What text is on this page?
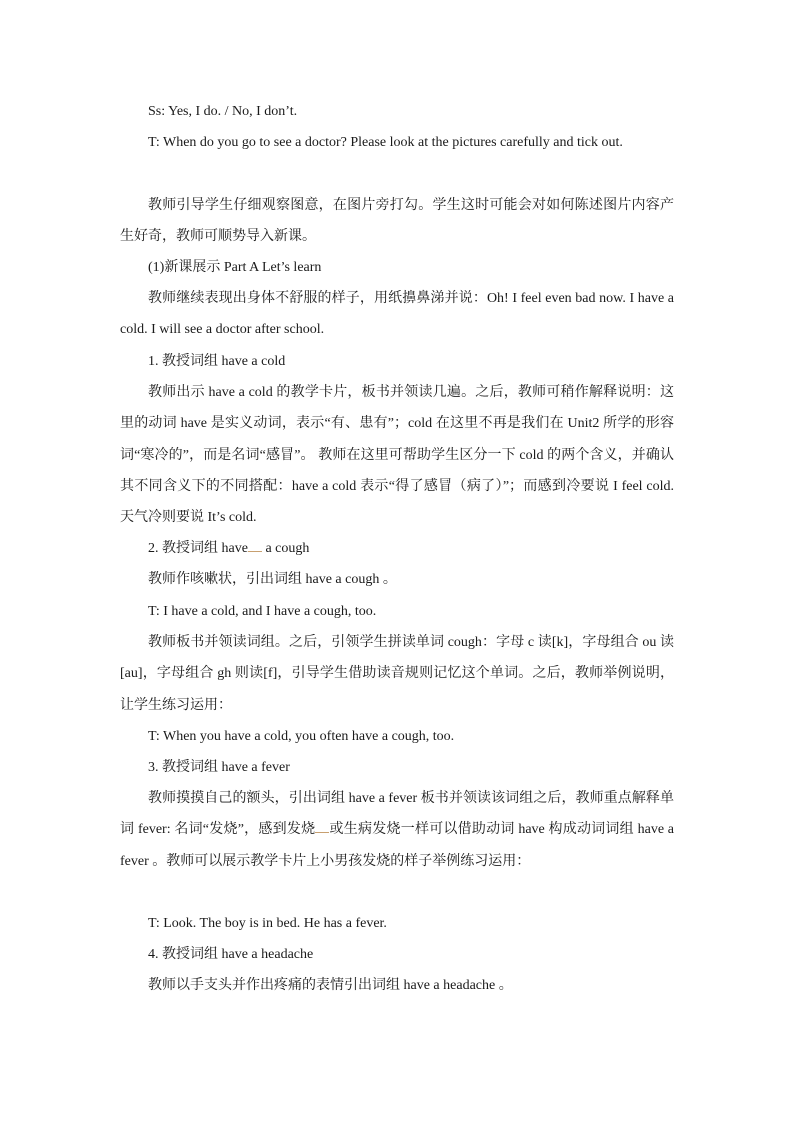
Ss: Yes, I do. / No, I don’t.

T: When do you go to see a doctor? Please look at the pictures carefully and tick out.

教师引导学生仔细观察图意，在图片旁打勾。学生这时可能会对如何陈述图片内容产生好奇，教师可顺势导入新课。

(1)新课展示 Part A Let’s learn

教师继续表现出身体不舒服的样子，用纸擤鼻涕并说：Oh! I feel even bad now. I have a cold. I will see a doctor after school.

1. 教授词组 have a cold

教师出示 have a cold 的教学卡片，板书并领读几遍。之后，教师可稍作解释说明：这里的动词 have 是实义动词，表示“有、患有”；cold 在这里不再是我们在 Unit2 所学的形容词“寒冷的”，而是名词“感冒”。 教师在这里可帮助学生区分一下 cold 的两个含义，并确认其不同含义下的不同搭配：have a cold 表示“得了感冒（病了）”；而感到冷要说 I feel cold. 天气冷则要说 It’s cold.

2. 教授词组 have a cough

教师作咳嗽状，引出词组 have a cough 。

T: I have a cold, and I have a cough, too.

教师板书并领读词组。之后，引领学生拼读单词 cough：字母 c 读[k]，字母组合 ou 读[au]，字母组合 gh 则读[f]，引导学生借助读音规则记忆这个单词。之后，教师举例说明，让学生练习运用：

T: When you have a cold, you often have a cough, too.

3. 教授词组 have a fever

教师摸摸自己的额头，引出词组 have a fever 板书并领读该词组之后，教师重点解释单词 fever: 名词“发烧”，感到发烧 或生病发烧一样可以借助动词 have 构成动词词组 have a fever 。教师可以展示教学卡片上小男孩发烧的样子举例练习运用：

T: Look. The boy is in bed. He has a fever.

4. 教授词组 have a headache

教师以手支头并作出疼痛的表情引出词组 have a headache 。
